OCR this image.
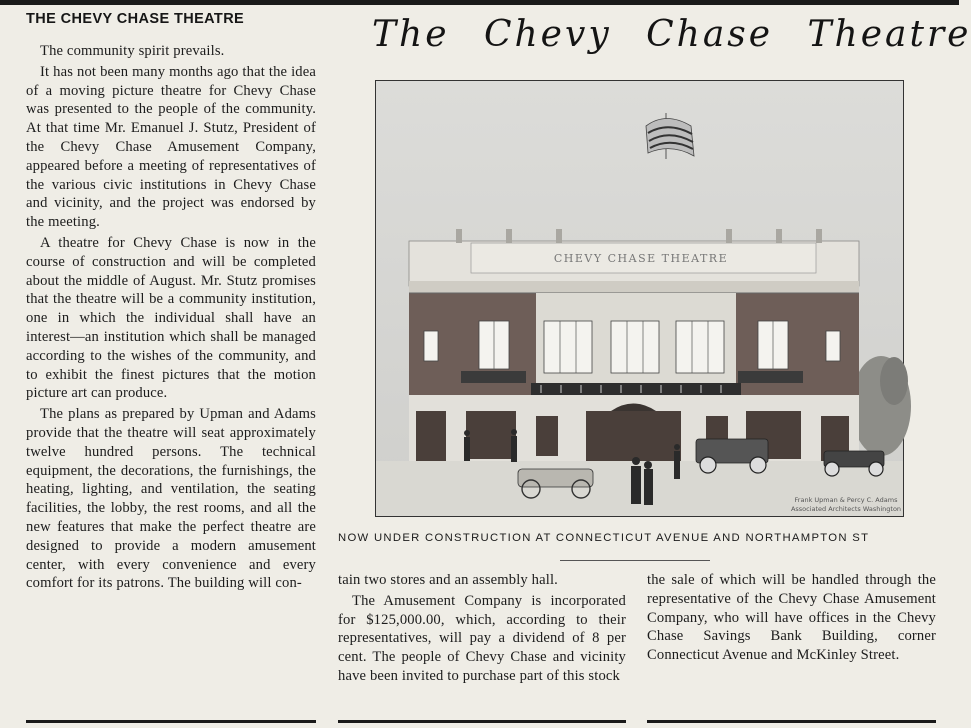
THE CHEVY CHASE THEATRE

The community spirit prevails.

It has not been many months ago that the idea of a moving picture theatre for Chevy Chase was presented to the people of the community. At that time Mr. Emanuel J. Stutz, President of the Chevy Chase Amusement Company, appeared before a meeting of representatives of the various civic institutions in Chevy Chase and vicinity, and the project was endorsed by the meeting.

A theatre for Chevy Chase is now in the course of construction and will be completed about the middle of August. Mr. Stutz promises that the theatre will be a community institution, one in which the individual shall have an interest—an institution which shall be managed according to the wishes of the community, and to exhibit the finest pictures that the motion picture art can produce.

The plans as prepared by Upman and Adams provide that the theatre will seat approximately twelve hundred persons. The technical equipment, the decorations, the furnishings, the heating, lighting, and ventilation, the seating facilities, the lobby, the rest rooms, and all the new features that make the perfect theatre are designed to provide a modern amusement center, with every convenience and every comfort for its patrons. The building will con-

The Chevy Chase Theatre
CHEVY CHASE THEATRE
Frank Upman & Percy C. Adams
Associated Architects Washington
NOW UNDER CONSTRUCTION AT CONNECTICUT AVENUE AND NORTHAMPTON ST

tain two stores and an assembly hall.

The Amusement Company is incorporated for $125,000.00, which, according to their representatives, will pay a dividend of 8 per cent. The people of Chevy Chase and vicinity have been invited to purchase part of this stock

the sale of which will be handled through the representative of the Chevy Chase Amusement Company, who will have offices in the Chevy Chase Savings Bank Building, corner Connecticut Avenue and McKinley Street.
